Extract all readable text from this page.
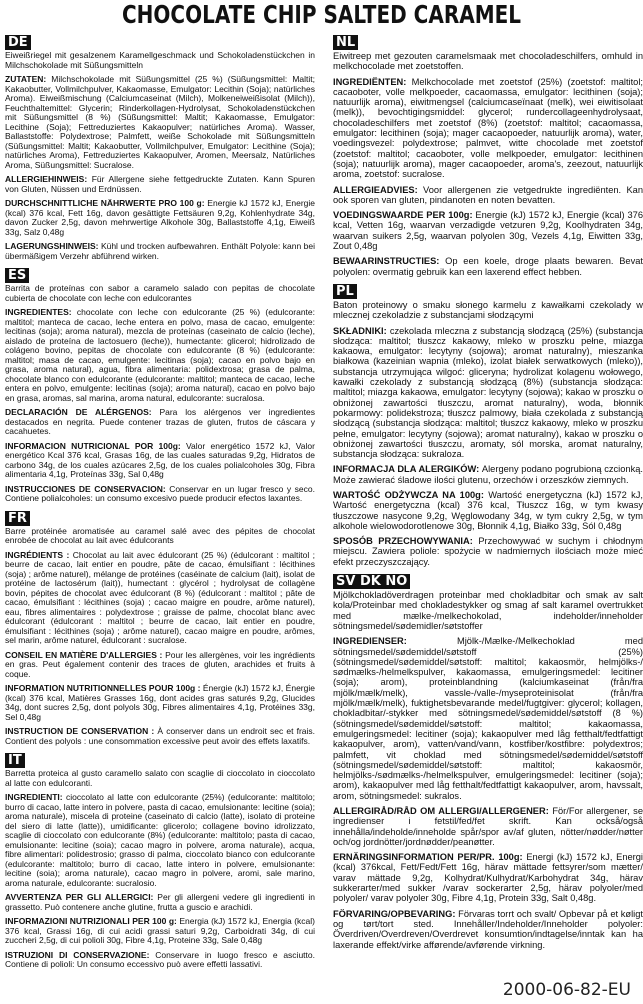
CHOCOLATE CHIP SALTED CARAMEL
DE
Eiweißriegel mit gesalzenem Karamellgeschmack und Schokoladenstückchen in Milchschokolade mit Süßungsmitteln
ZUTATEN: Milchschokolade mit Süßungsmittel (25 %) (Süßungsmittel: Maltit; Kakaobutter, Vollmilchpulver, Kakaomasse, Emulgator: Lecithin (Soja); natürliches Aroma). Eiweißmischung (Calciumcaseinat (Milch), Molkeneiweißisolat (Milch)), Feuchthaltemittel: Glycerin; Rinderkollagen-Hydrolysat, Schokoladenstückchen mit Süßungsmittel (8 %) (Süßungsmittel: Maltit; Kakaomasse, Emulgator: Lecithine (Soja); Fettreduziertes Kakaopulver; natürliches Aroma). Wasser, Ballaststoffe: Polydextrose; Palmfett, weiße Schokolade mit Süßungsmitteln (Süßungsmittel: Maltit; Kakaobutter, Vollmilchpulver, Emulgator: Lecithine (Soja); natürliches Aroma), Fettreduziertes Kakaopulver, Aromen, Meersalz, Natürliches Aroma, Süßungsmittel: Sucralose.
ALLERGIEHINWEIS: Für Allergene siehe fettgedruckte Zutaten. Kann Spuren von Gluten, Nüssen und Erdnüssen.
DURCHSCHNITTLICHE NÄHRWERTE PRO 100 g: Energie kJ 1572 kJ, Energie (kcal) 376 kcal, Fett 16g, davon gesättigte Fettsäuren 9,2g, Kohlenhydrate 34g, davon Zucker 2,5g, davon mehrwertige Alkohole 30g, Ballaststoffe 4,1g, Eiweiß 33g, Salz 0,48g
LAGERUNGSHINWEIS: Kühl und trocken aufbewahren. Enthält Polyole: kann bei übermäßigem Verzehr abführend wirken.
ES
Barrita de proteínas con sabor a caramelo salado con pepitas de chocolate cubierta de chocolate con leche con edulcorantes
INGREDIENTES: chocolate con leche con edulcorante (25 %) (edulcorante: maltitol; manteca de cacao, leche entera en polvo, masa de cacao, emulgente: lecitinas (soja); aroma natural), mezcla de proteínas (caseinato de calcio (leche), aislado de proteína de lactosuero (leche)), humectante: glicerol; hidrolizado de colágeno bovino, pepitas de chocolate con edulcorante (8 %) (edulcorante: maltitol; masa de cacao, emulgente: lecitinas (soja); cacao en polvo bajo en grasa, aroma natural), agua, fibra alimentaria: polidextrosa; grasa de palma, chocolate blanco con edulcorante (edulcorante: maltitol; manteca de cacao, leche entera en polvo, emulgente: lecitinas (soja); aroma natural), cacao en polvo bajo en grasa, aromas, sal marina, aroma natural, edulcorante: sucralosa.
DECLARACIÓN DE ALÉRGENOS: Para los alérgenos ver ingredientes destacados en negrita. Puede contener trazas de gluten, frutos de cáscara y cacahuetes.
INFORMACION NUTRICIONAL POR 100g: Valor energético 1572 kJ, Valor energético Kcal 376 kcal, Grasas 16g, de las cuales saturadas 9,2g, Hidratos de carbono 34g, de los cuales azúcares 2,5g, de los cuales polialcoholes 30g, Fibra alimentaria 4,1g, Proteínas 33g, Sal 0,48g
INSTRUCCIONES DE CONSERVACION: Conservar en un lugar fresco y seco. Contiene polialcoholes: un consumo excesivo puede producir efectos laxantes.
FR
Barre protéinée aromatisée au caramel salé avec des pépites de chocolat enrobée de chocolat au lait avec édulcorants
INGRÉDIENTS : Chocolat au lait avec édulcorant (25 %) (édulcorant : maltitol ; beurre de cacao, lait entier en poudre, pâte de cacao, émulsifiant : lécithines (soja) ; arôme naturel), mélange de protéines (caséinate de calcium (lait), isolat de protéine de lactosérum (lait)), humectant : glycérol ; hydrolysat de collagène bovin, pépites de chocolat avec édulcorant (8 %) (édulcorant : maltitol ; pâte de cacao, émulsifiant : lécithines (soja) ; cacao maigre en poudre, arôme naturel), eau, fibres alimentaires : polydextrose ; graisse de palme, chocolat blanc avec édulcorant (édulcorant : maltitol ; beurre de cacao, lait entier en poudre, émulsifiant : lécithines (soja) ; arôme naturel), cacao maigre en poudre, arômes, sel marin, arôme naturel, édulcorant : sucralose.
CONSEIL EN MATIÈRE D'ALLERGIES : Pour les allergènes, voir les ingrédients en gras. Peut également contenir des traces de gluten, arachides et fruits à coque.
INFORMATION NUTRITIONNELLES POUR 100g : Énergie (kJ) 1572 kJ, Énergie (kcal) 376 kcal, Matières Grasses 16g, dont acides gras saturés 9,2g, Glucides 34g, dont sucres 2,5g, dont polyols 30g, Fibres alimentaires 4,1g, Protéines 33g, Sel 0,48g
INSTRUCTION DE CONSERVATION : À conserver dans un endroit sec et frais. Contient des polyols : une consommation excessive peut avoir des effets laxatifs.
IT
Barretta proteica al gusto caramello salato con scaglie di cioccolato in cioccolato al latte con edulcoranti.
INGREDIENTI: cioccolato al latte con edulcorante (25%) (edulcorante: maltitolo; burro di cacao, latte intero in polvere, pasta di cacao, emulsionante: lecitine (soia); aroma naturale), miscela di proteine (caseinato di calcio (latte), isolato di proteine del siero di latte (latte)), umidificante: glicerolo; collagene bovino idrolizzato, scaglie di cioccolato con edulcorante (8%) (edulcorante: maltitolo; pasta di cacao, emulsionante: lecitine (soia); cacao magro in polvere, aroma naturale), acqua, fibre alimentari: polidestrosio; grasso di palma, cioccolato bianco con edulcorante (edulcorante: maltitolo; burro di cacao, latte intero in polvere, emulsionante: lecitine (soia); aroma naturale), cacao magro in polvere, aromi, sale marino, aroma naturale, edulcorante: sucralosio.
AVVERTENZA PER GLI ALLERGICI: Per gli allergeni vedere gli ingredienti in grassetto. Può contenere anche glutine, frutta a guscio e arachidi.
INFORMAZIONI NUTRIZIONALI PER 100 g: Energia (kJ) 1572 kJ, Energia (kcal) 376 kcal, Grassi 16g, di cui acidi grassi saturi 9,2g, Carboidrati 34g, di cui zuccheri 2,5g, di cui polioli 30g, Fibre 4,1g, Proteine 33g, Sale 0,48g
ISTRUZIONI DI CONSERVAZIONE: Conservare in luogo fresco e asciutto. Contiene di polioli: Un consumo eccessivo può avere effetti lassativi.
NL
Eiwitreep met gezouten caramelsmaak met chocoladeschilfers, omhuld in melkchocolade met zoetstoffen.
INGREDIËNTEN: Melkchocolade met zoetstof (25%) (zoetstof: maltitol; cacaoboter, volle melkpoeder, cacaomassa, emulgator: lecithinen (soja); natuurlijk aroma), eiwitmengsel (calciumcaseïnaat (melk), wei eiwitisolaat (melk)), bevochtigingsmiddel: glycerol; rundercollageenhydrolysaat, chocoladeschilfers met zoetstof (8%) (zoetstof: maltitol; cacaomassa, emulgator: lecithinen (soja); mager cacaopoeder, natuurlijk aroma), water, voedingsvezel: polydextrose; palmvet, witte chocolade met zoetstof (zoetstof: maltitol; cacaoboter, volle melkpoeder, emulgator: lecithinen (soja); natuurlijk aroma), mager cacaopoeder, aroma's, zeezout, natuurlijk aroma, zoetstof: sucralose.
ALLERGIEADVIES: Voor allergenen zie vetgedrukte ingrediënten. Kan ook sporen van gluten, pindanoten en noten bevatten.
VOEDINGSWAARDE PER 100g: Energie (kJ) 1572 kJ, Energie (kcal) 376 kcal, Vetten 16g, waarvan verzadigde vetzuren 9,2g, Koolhydraten 34g, waarvan suikers 2,5g, waarvan polyolen 30g, Vezels 4,1g, Eiwitten 33g, Zout 0,48g
BEWAARINSTRUCTIES: Op een koele, droge plaats bewaren. Bevat polyolen: overmatig gebruik kan een laxerend effect hebben.
PL
Baton proteinowy o smaku słonego karmelu z kawałkami czekolady w mlecznej czekoladzie z substancjami słodzącymi
SKŁADNIKI: czekolada mleczna z substancją słodzącą (25%) (substancja słodząca: maltitol; tłuszcz kakaowy, mleko w proszku pełne, miazga kakaowa, emulgator: lecytyny (sojowa); aromat naturalny), mieszanka białkowa (kazeinian wapnia (mleko), izolat białek serwatkowych (mleko)), substancja utrzymująca wilgoć: gliceryna; hydrolizat kolagenu wołowego, kawałki czekolady z substancją słodzącą (8%) (substancja słodząca: maltitol; miazga kakaowa, emulgator: lecytyny (sojowa); kakao w proszku o obniżonej zawartości tłuszczu, aromat naturalny), woda, błonnik pokarmowy: polidekstroza; tłuszcz palmowy, biała czekolada z substancją słodzącą (substancja słodząca: maltitol; tłuszcz kakaowy, mleko w proszku pełne, emulgator: lecytyny (sojowa); aromat naturalny), kakao w proszku o obniżonej zawartości tłuszczu, aromaty, sól morska, aromat naturalny, substancja słodząca: sukraloza.
INFORMACJA DLA ALERGIKÓW: Alergeny podano pogrubioną czcionką. Może zawierać śladowe ilości glutenu, orzechów i orzeszków ziemnych.
WARTOŚĆ ODŻYWCZA NA 100g: Wartość energetyczna (kJ) 1572 kJ, Wartość energetyczna (kcal) 376 kcal, Tłuszcz 16g, w tym kwasy tłuszczowe nasycone 9,2g, Węglowodany 34g, w tym cukry 2,5g, w tym alkohole wielowodorotlenowe 30g, Błonnik 4,1g, Białko 33g, Sól 0,48g
SPOSÓB PRZECHOWYWANIA: Przechowywać w suchym i chłodnym miejscu. Zawiera poliole: spożycie w nadmiernych ilościach może mieć efekt przeczyszczający.
SV DK NO
Mjölkchokladöverdragen proteinbar med chokladbitar och smak av salt kola/Proteinbar med chokladestykker og smag af salt karamel overtrukket med mælke-/melkechokolad, indeholder/inneholder sötningsmedel/sødemidler/søtstoffer
INGREDIENSER: Mjölk-/Mælke-/Melkechoklad med sötningsmedel/sødemiddel/søtstoff (25%) (sötningsmedel/sødemiddel/søtstoff: maltitol; kakaosmör, helmjölks-/ sødmælks-/helmelkspulver, kakaomassa, emulgeringsmedel: lecitiner (soja); arom), proteinblandning (kalciumkaseinat (från/fra mjölk/mælk/melk), vassle-/valle-/myseproteinisolat (från/fra mjölk/mælk/melk), fuktighetsbevarande medel/fugtgiver: glycerol; kollagen, chokladbitar/-stykker med sötningsmedel/sødemiddel/søtstoff (8 %) (sötningsmedel/sødemiddel/søtstoff: maltitol; kakaomassa, emulgeringsmedel: lecitiner (soja); kakaopulver med låg fetthalt/fedtfattigt kakaopulver, arom), vatten/vand/vann, kostfiber/kostfibre: polydextros; palmfett, vit choklad med sötningsmedel/sødemiddel/søtstoff (sötningsmedel/sødemiddel/søtstoff: maltitol; kakaosmör, helmjölks-/sødmælks-/helmelkspulver, emulgeringsmedel: lecitiner (soja); arom), kakaopulver med låg fetthalt/fedtfattigt kakaopulver, arom, havssalt, arom, sötningsmedel: sukralos.
ALLERGIRÅD/RÅD OM ALLERGI/ALLERGENER: För/For allergener, se ingredienser i fetstil/fed/fet skrift. Kan också/også innehålla/indeholde/inneholde spår/spor av/af gluten, nötter/nødder/nøtter och/og jordnötter/jordnødder/peanøtter.
ERNÄRINGSINFORMATION PER/PR. 100g: Energi (kJ) 1572 kJ, Energi (kcal) 376kcal, Fett/Fedt/Fett 16g, härav mättade fettsyrer/som mætter/ varav mättade 9,2g, Kolhydrat/Kulhydrat/Karbohydrat 34g, härav sukkerarter/med sukker /varav sockerarter 2,5g, härav polyoler/med polyoler/ varav polyoler 30g, Fibre 4,1g, Protein 33g, Salt 0,48g.
FÖRVARING/OPBEVARING: Förvaras torrt och svalt/ Opbevar på et køligt og tørt/tort sted. Innehåller/Indeholder/Inneholder polyoler: Överdriven/Overdreven/Overdrevet konsumtion/indtagelse/inntak kan ha laxerande effekt/virke afførende/avførende virkning.
2000-06-82-EU
